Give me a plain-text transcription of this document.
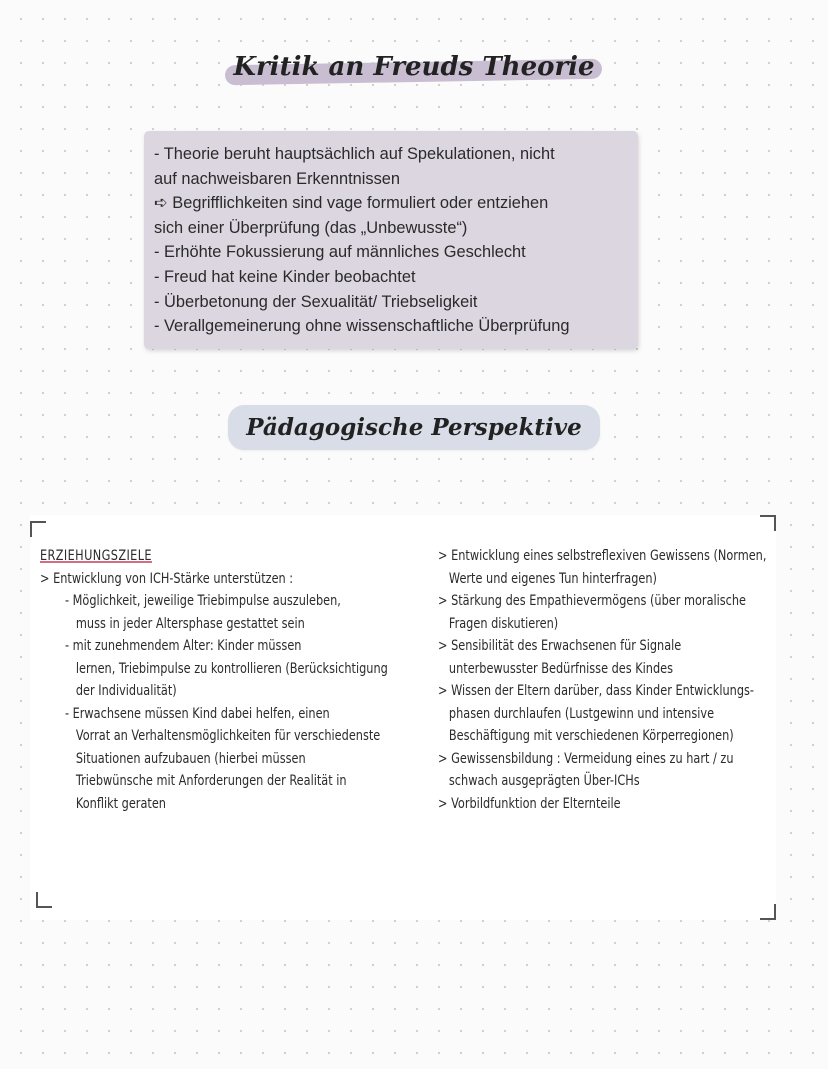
Kritik an Freuds Theorie
- Theorie beruht hauptsächlich auf Spekulationen, nicht
auf nachweisbaren Erkenntnissen
➪ Begrifflichkeiten sind vage formuliert oder entziehen
sich einer Überprüfung (das „Unbewusste“)
- Erhöhte Fokussierung auf männliches Geschlecht
- Freud hat keine Kinder beobachtet
- Überbetonung der Sexualität/ Triebseligkeit
- Verallgemeinerung ohne wissenschaftliche Überprüfung
Pädagogische Perspektive
ERZIEHUNGSZIELE
> Entwicklung von ICH-Stärke unterstützen :
- Möglichkeit, jeweilige Triebimpulse auszuleben,
muss in jeder Altersphase gestattet sein
- mit zunehmendem Alter: Kinder müssen
lernen, Triebimpulse zu kontrollieren (Berücksichtigung
der Individualität)
- Erwachsene müssen Kind dabei helfen, einen
Vorrat an Verhaltensmöglichkeiten für verschiedenste
Situationen aufzubauen (hierbei müssen
Triebwünsche mit Anforderungen der Realität in
Konflikt geraten
> Entwicklung eines selbstreflexiven Gewissens (Normen,
Werte und eigenes Tun hinterfragen)
> Stärkung des Empathievermögens (über moralische
Fragen diskutieren)
> Sensibilität des Erwachsenen für Signale
unterbewusster Bedürfnisse des Kindes
> Wissen der Eltern darüber, dass Kinder Entwicklungs-
phasen durchlaufen (Lustgewinn und intensive
Beschäftigung mit verschiedenen Körperregionen)
> Gewissensbildung : Vermeidung eines zu hart / zu
schwach ausgeprägten Über-ICHs
> Vorbildfunktion der Elternteile
